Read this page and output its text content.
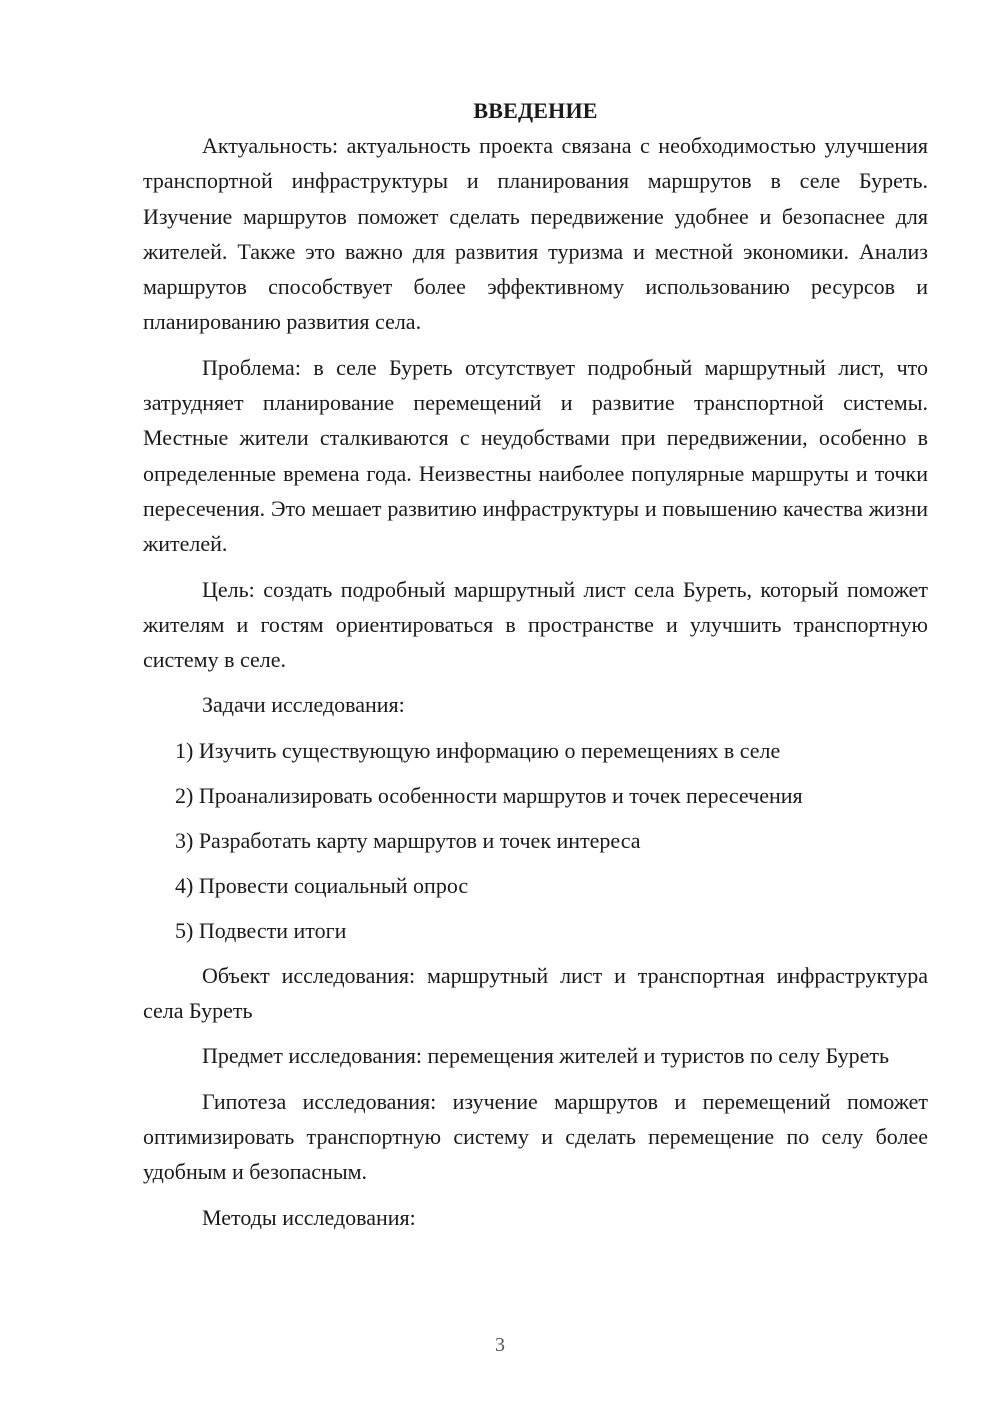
ВВЕДЕНИЕ

Актуальность: актуальность проекта связана с необходимостью улучшения транспортной инфраструктуры и планирования маршрутов в селе Буреть. Изучение маршрутов поможет сделать передвижение удобнее и безопаснее для жителей. Также это важно для развития туризма и местной экономики. Анализ маршрутов способствует более эффективному использованию ресурсов и планированию развития села.

Проблема: в селе Буреть отсутствует подробный маршрутный лист, что затрудняет планирование перемещений и развитие транспортной системы. Местные жители сталкиваются с неудобствами при передвижении, особенно в определенные времена года. Неизвестны наиболее популярные маршруты и точки пересечения. Это мешает развитию инфраструктуры и повышению качества жизни жителей.

Цель: создать подробный маршрутный лист села Буреть, который поможет жителям и гостям ориентироваться в пространстве и улучшить транспортную систему в селе.

Задачи исследования:

1) Изучить существующую информацию о перемещениях в селе
2) Проанализировать особенности маршрутов и точек пересечения
3) Разработать карту маршрутов и точек интереса
4) Провести социальный опрос
5) Подвести итоги

Объект исследования: маршрутный лист и транспортная инфраструктура села Буреть

Предмет исследования: перемещения жителей и туристов по селу Буреть

Гипотеза исследования: изучение маршрутов и перемещений поможет оптимизировать транспортную систему и сделать перемещение по селу более удобным и безопасным.

Методы исследования:

3
